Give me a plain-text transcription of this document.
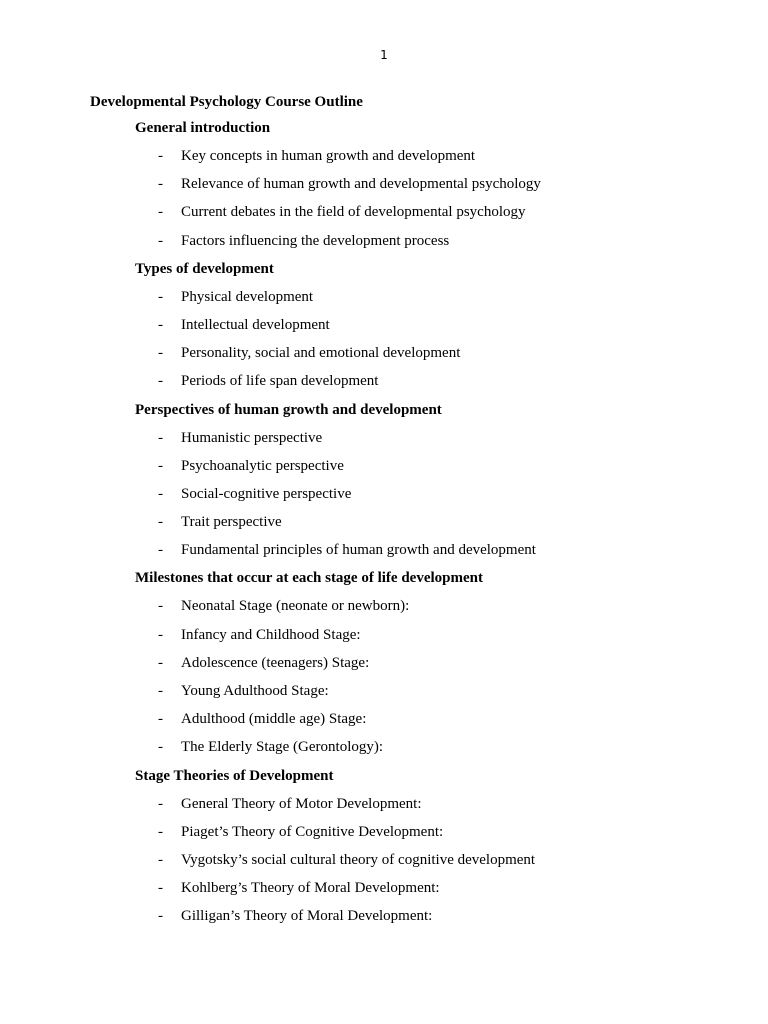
1
Developmental Psychology Course Outline
General introduction
- Key concepts in human growth and development
- Relevance of human growth and developmental psychology
- Current debates in the field of developmental psychology
- Factors influencing the development process
Types of development
- Physical development
- Intellectual development
- Personality, social and emotional development
- Periods of life span development
Perspectives of human growth and development
- Humanistic perspective
- Psychoanalytic perspective
- Social-cognitive perspective
- Trait perspective
- Fundamental principles of human growth and development
Milestones that occur at each stage of life development
- Neonatal Stage (neonate or newborn):
- Infancy and Childhood Stage:
- Adolescence (teenagers) Stage:
- Young Adulthood Stage:
- Adulthood (middle age) Stage:
- The Elderly Stage (Gerontology):
Stage Theories of Development
- General Theory of Motor Development:
- Piaget’s Theory of Cognitive Development:
- Vygotsky’s social cultural theory of cognitive development
- Kohlberg’s Theory of Moral Development:
- Gilligan’s Theory of Moral Development:
